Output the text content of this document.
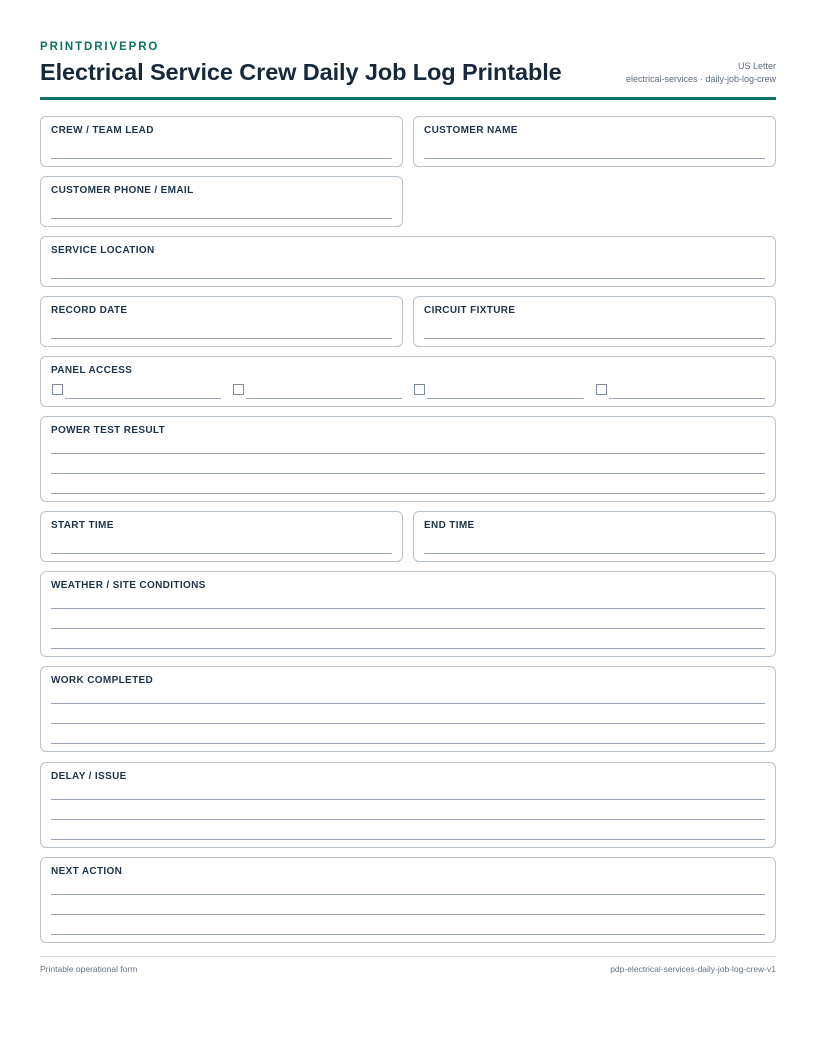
PRINTDRIVEPRO
Electrical Service Crew Daily Job Log Printable	US Letter
electrical-services · daily-job-log-crew
CREW / TEAM LEAD	CUSTOMER NAME
CUSTOMER PHONE / EMAIL
SERVICE LOCATION
RECORD DATE	CIRCUIT FIXTURE
PANEL ACCESS
POWER TEST RESULT
START TIME	END TIME
WEATHER / SITE CONDITIONS
WORK COMPLETED
DELAY / ISSUE
NEXT ACTION
Printable operational form	pdp-electrical-services-daily-job-log-crew-v1
